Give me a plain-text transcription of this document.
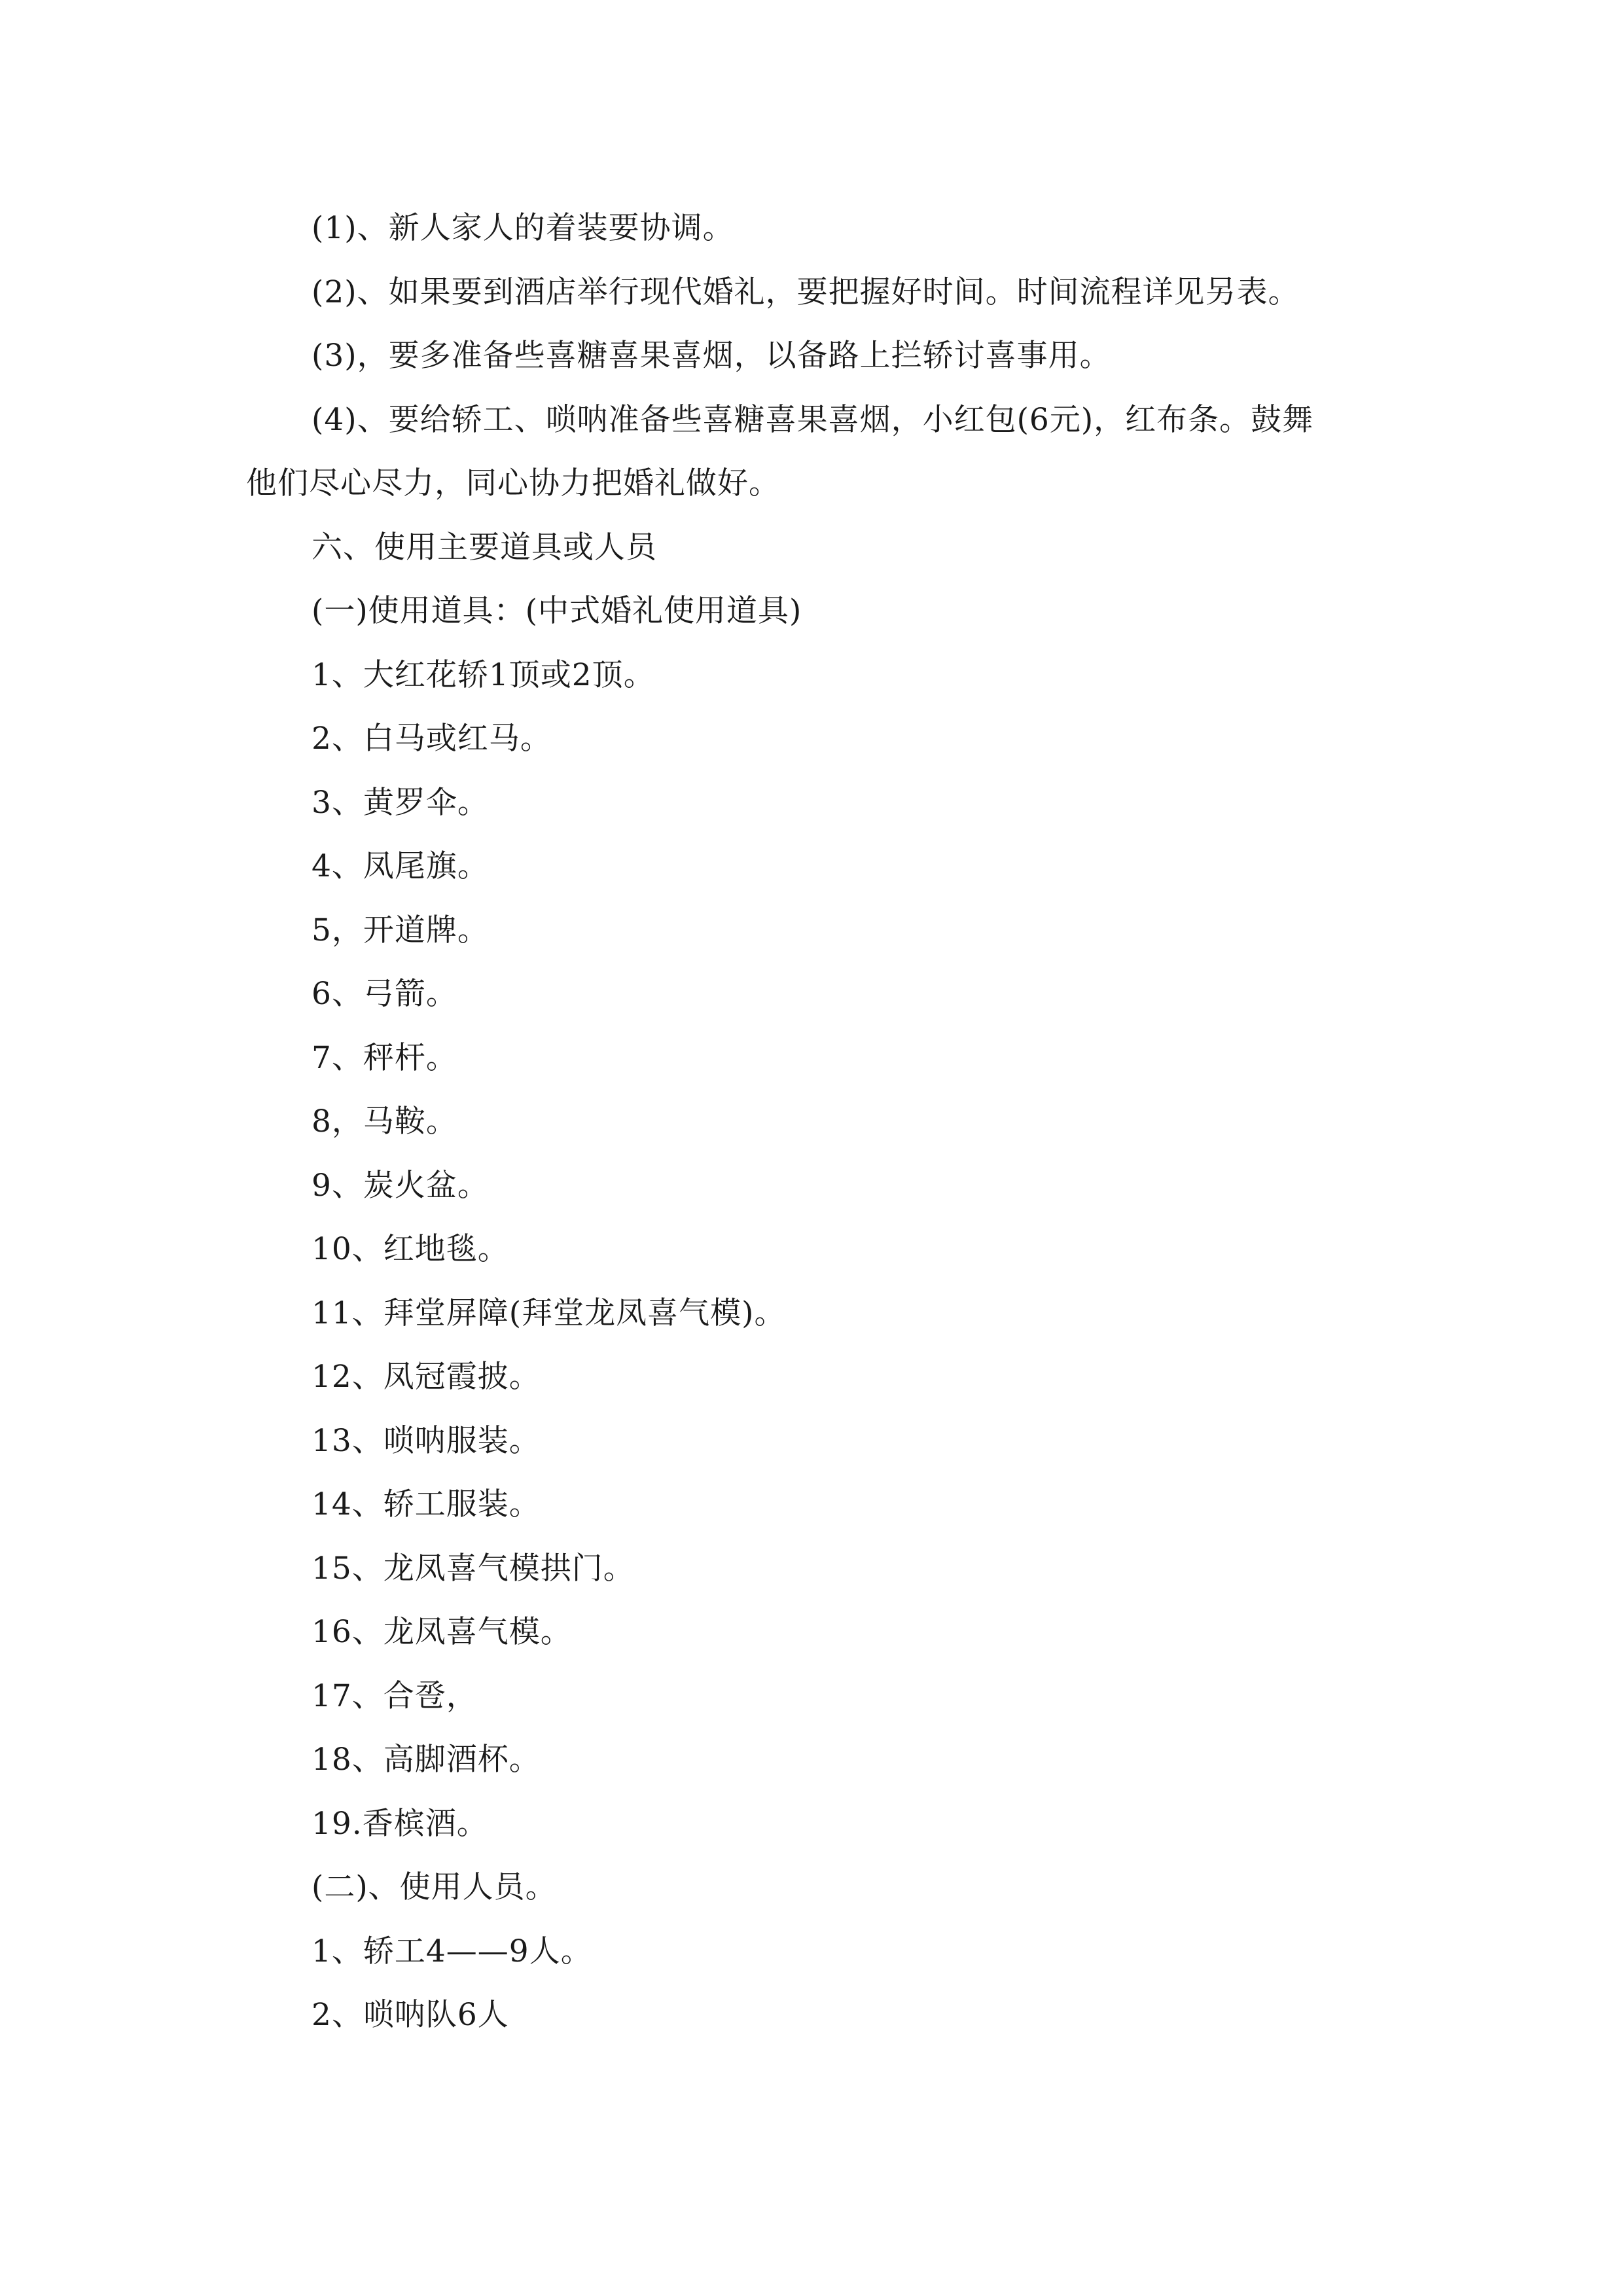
(1)、新人家人的着装要协调。
(2)、如果要到酒店举行现代婚礼，要把握好时间。时间流程详见另表。
(3)，要多准备些喜糖喜果喜烟，以备路上拦轿讨喜事用。
(4)、要给轿工、唢呐准备些喜糖喜果喜烟，小红包(6元)，红布条。鼓舞
他们尽心尽力，同心协力把婚礼做好。
六、使用主要道具或人员
(一)使用道具：(中式婚礼使用道具)
1、大红花轿1顶或2顶。
2、白马或红马。
3、黄罗伞。
4、凤尾旗。
5，开道牌。
6、弓箭。
7、秤杆。
8，马鞍。
9、炭火盆。
10、红地毯。
11、拜堂屏障(拜堂龙凤喜气模)。
12、凤冠霞披。
13、唢呐服装。
14、轿工服装。
15、龙凤喜气模拱门。
16、龙凤喜气模。
17、合卺，
18、高脚酒杯。
19.香槟酒。
(二)、使用人员。
1、轿工4——9人。
2、唢呐队6人
